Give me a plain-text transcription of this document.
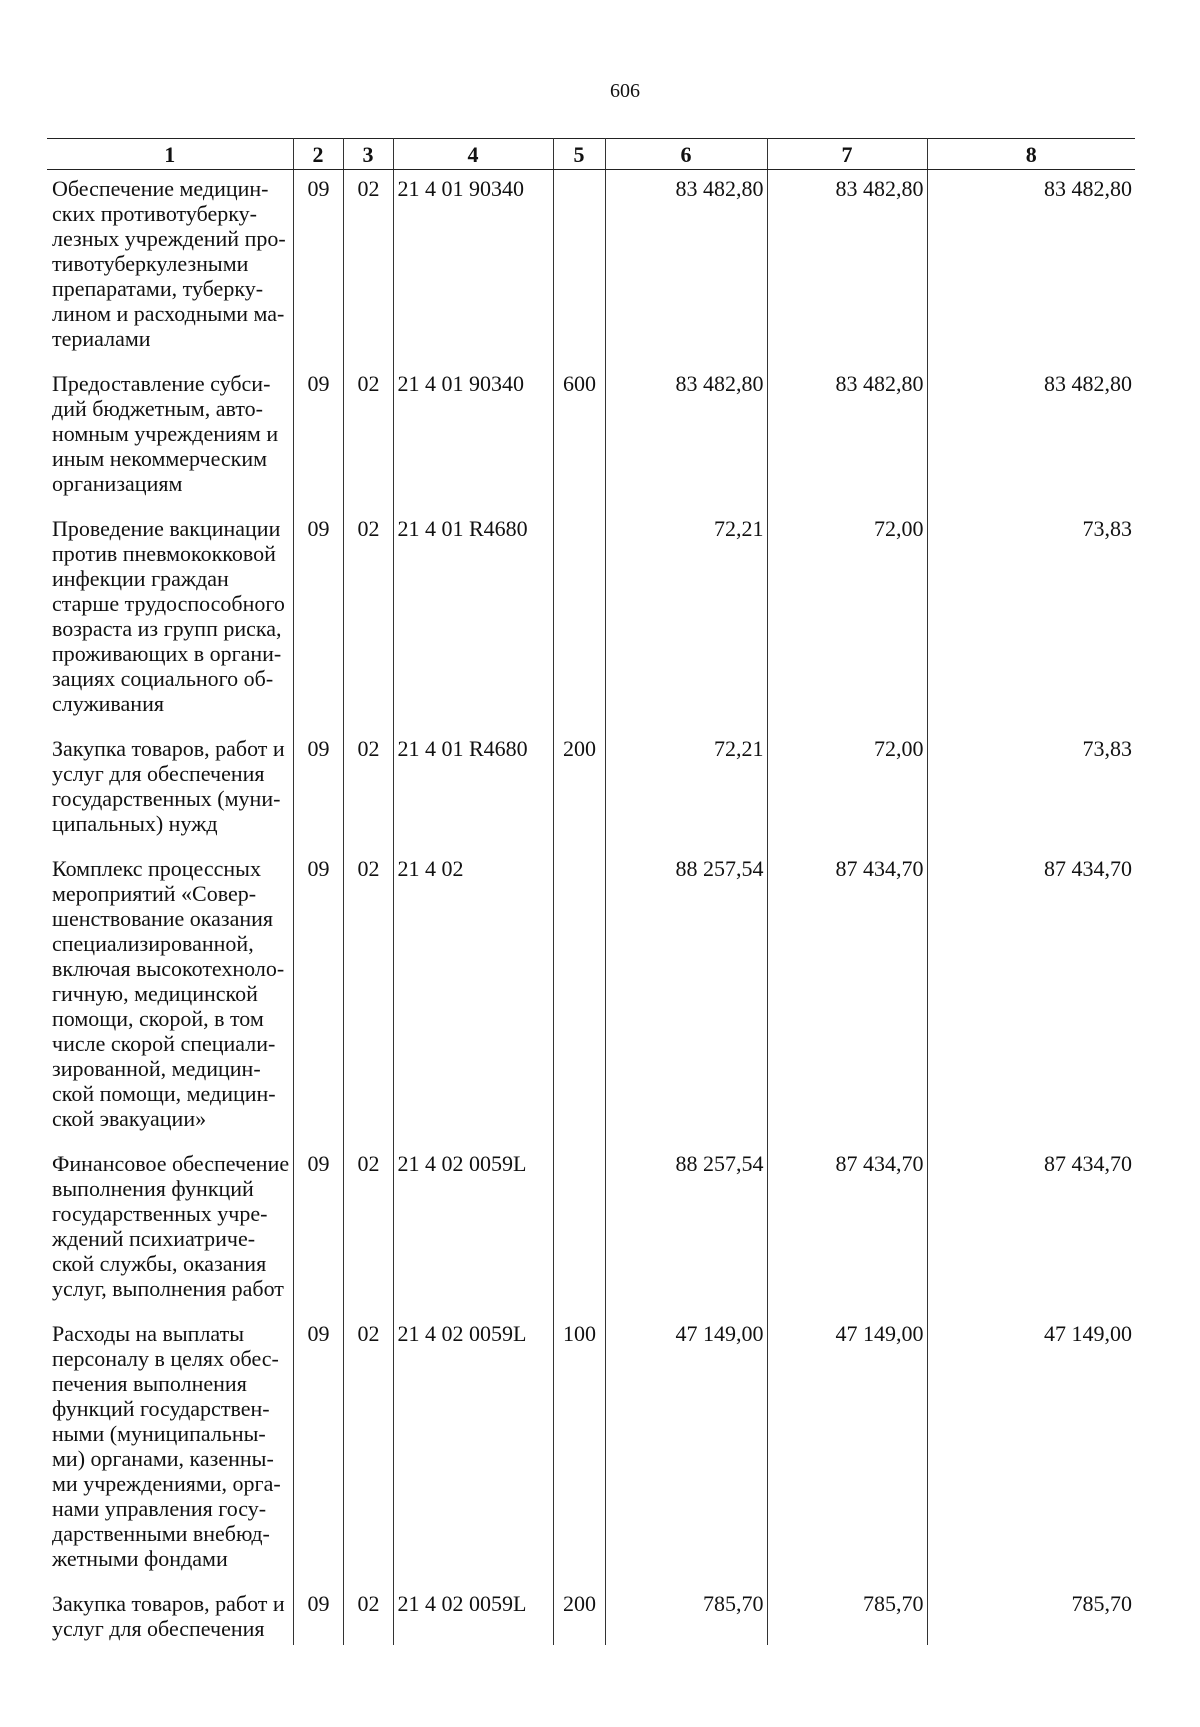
606
1	2	3	4	5	6	7	8
Обеспечение медицин-ских противотуберку-лезных учреждений про-тивотуберкулезными препаратами, туберку-лином и расходными ма-териалами	09	02	21 4 01 90340		83 482,80	83 482,80	83 482,80
Предоставление субси-дий бюджетным, авто-номным учреждениям и иным некоммерческим организациям	09	02	21 4 01 90340	600	83 482,80	83 482,80	83 482,80
Проведение вакцинации против пневмококковой инфекции граждан старше трудоспособного возраста из групп риска, проживающих в органи-зациях социального об-служивания	09	02	21 4 01 R4680		72,21	72,00	73,83
Закупка товаров, работ и услуг для обеспечения государственных (муни-ципальных) нужд	09	02	21 4 01 R4680	200	72,21	72,00	73,83
Комплекс процессных мероприятий «Совер-шенствование оказания специализированной, включая высокотехноло-гичную, медицинской помощи, скорой, в том числе скорой специали-зированной, медицин-ской помощи, медицин-ской эвакуации»	09	02	21 4 02		88 257,54	87 434,70	87 434,70
Финансовое обеспечение выполнения функций государственных учре-ждений психиатриче-ской службы, оказания услуг, выполнения работ	09	02	21 4 02 0059L		88 257,54	87 434,70	87 434,70
Расходы на выплаты персоналу в целях обес-печения выполнения функций государствен-ными (муниципальны-ми) органами, казенны-ми учреждениями, орга-нами управления госу-дарственными внебюд-жетными фондами	09	02	21 4 02 0059L	100	47 149,00	47 149,00	47 149,00
Закупка товаров, работ и услуг для обеспечения	09	02	21 4 02 0059L	200	785,70	785,70	785,70
